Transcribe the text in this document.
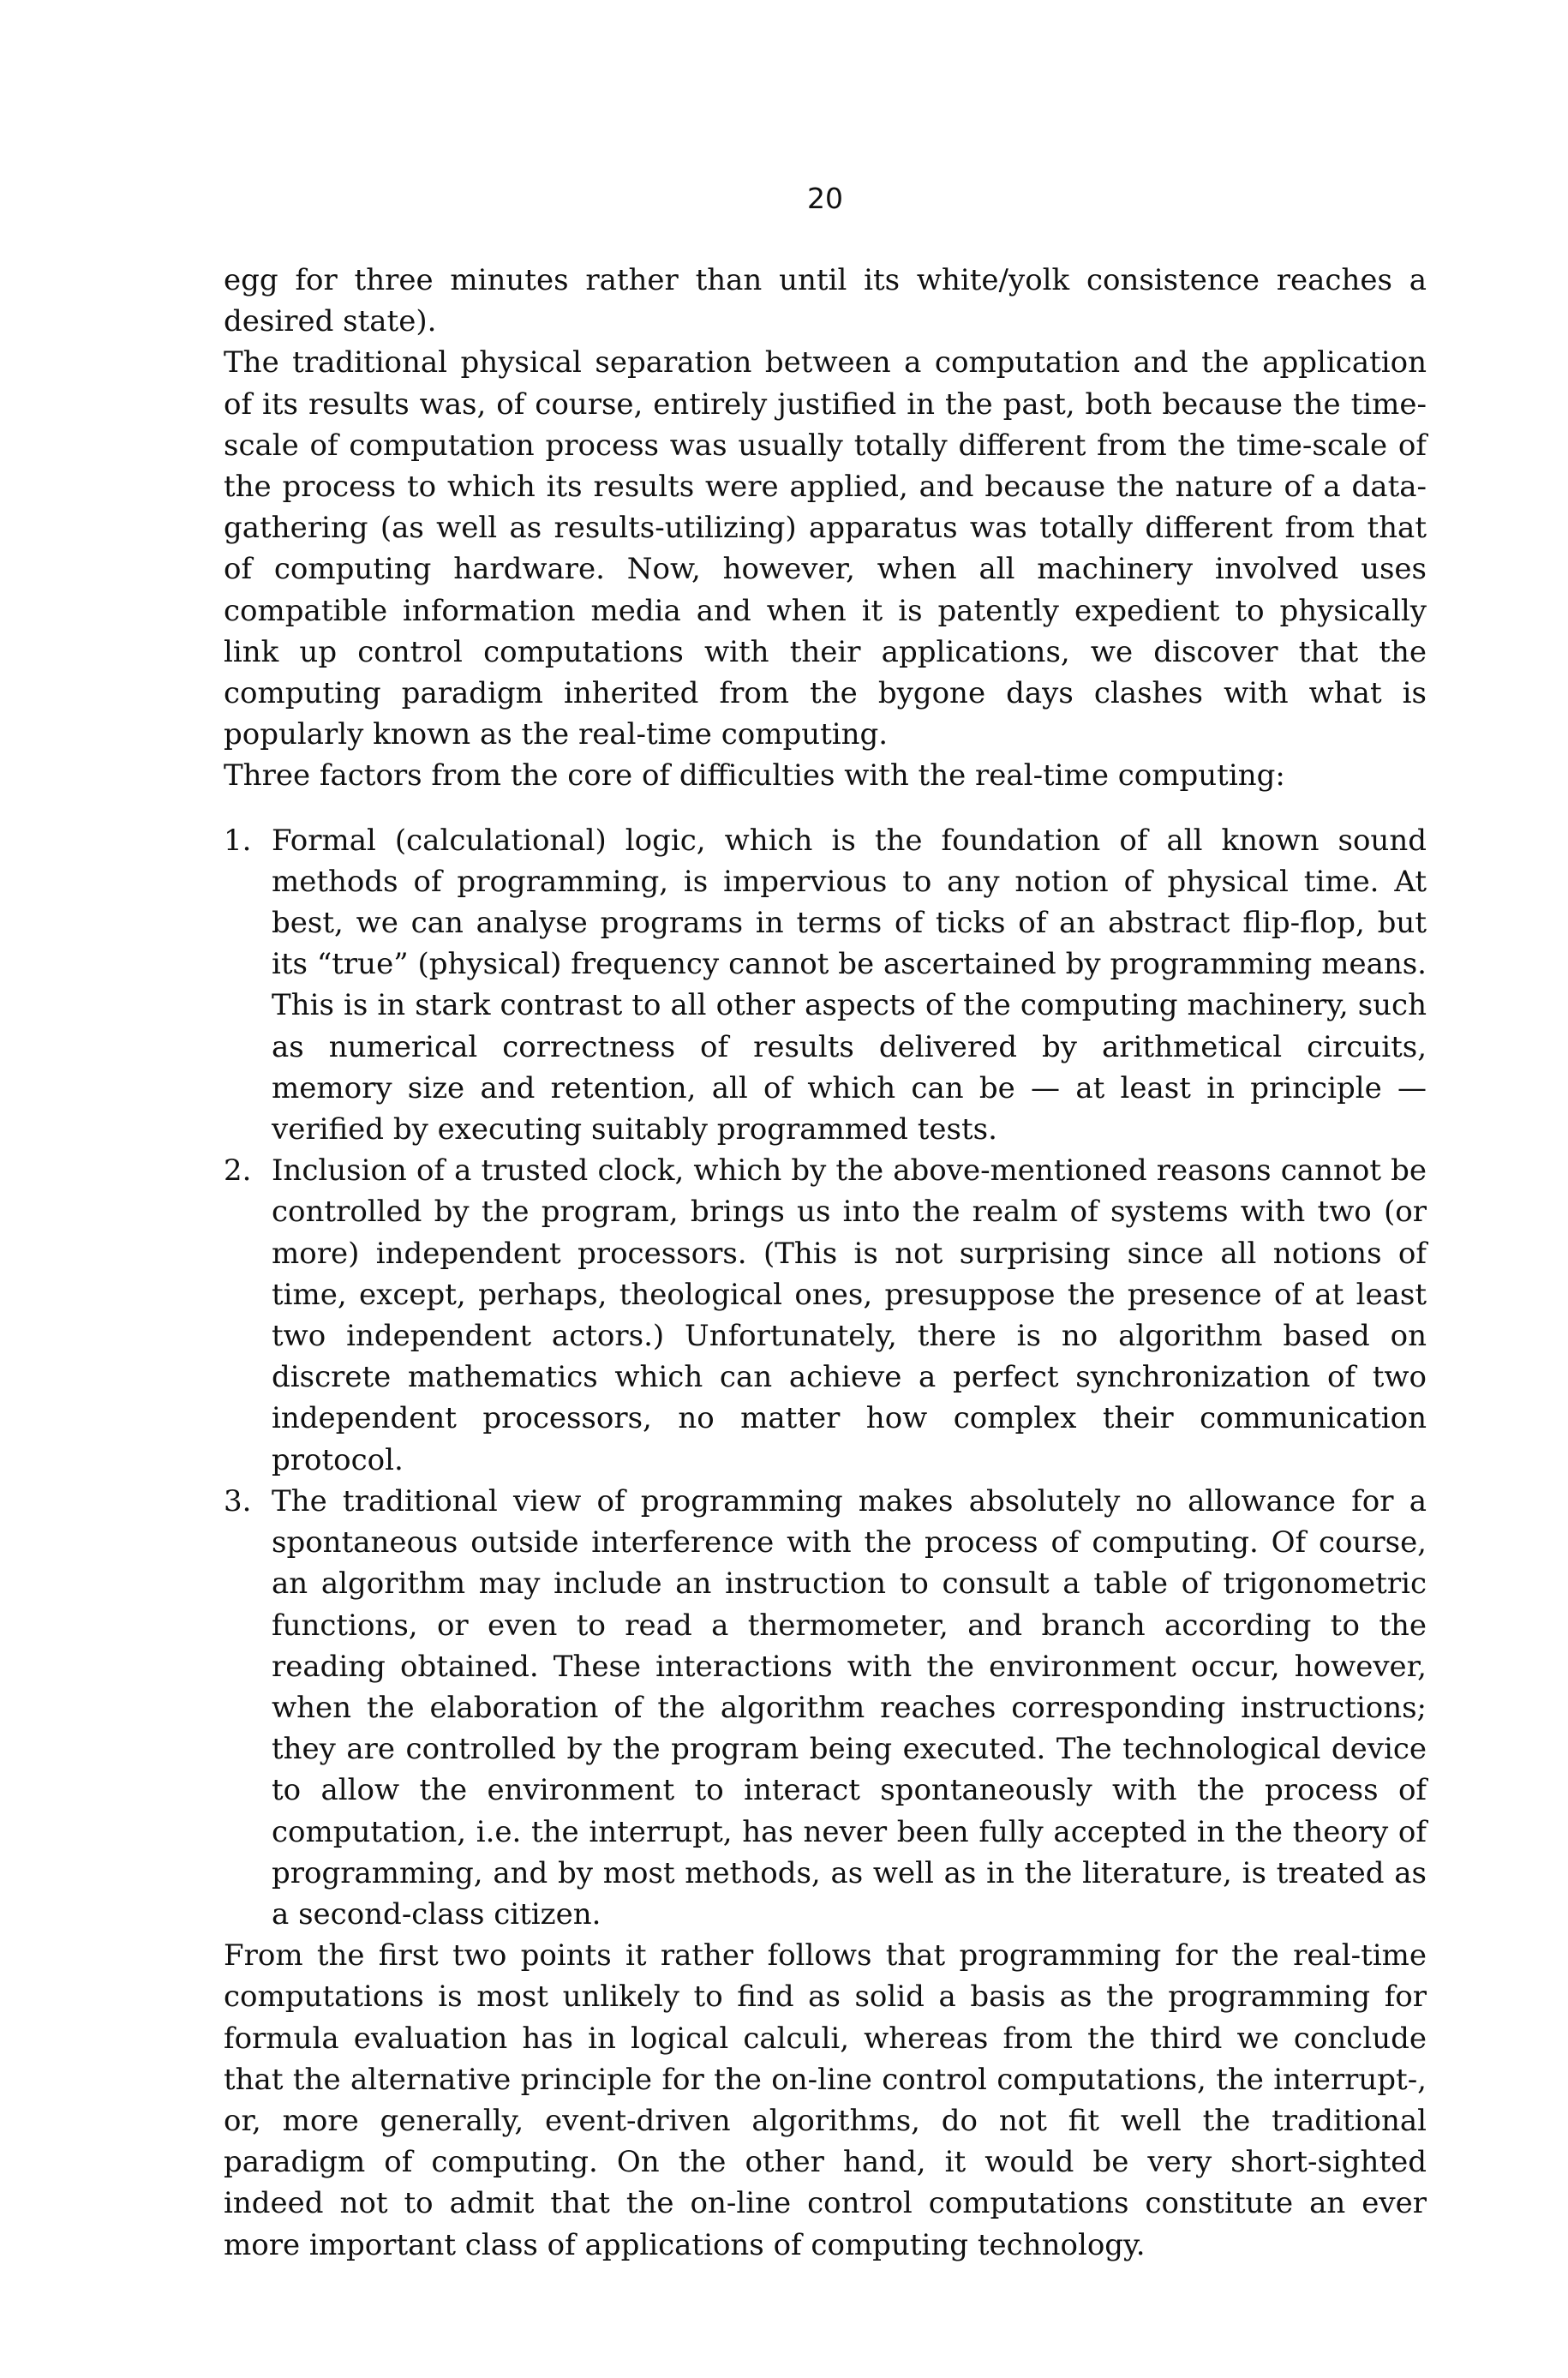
20

egg for three minutes rather than until its white/yolk consistence reaches a desired state).

The traditional physical separation between a computation and the application of its results was, of course, entirely justified in the past, both because the time-scale of computation process was usually totally different from the time-scale of the process to which its results were applied, and because the nature of a data-gathering (as well as results-utilizing) apparatus was totally different from that of computing hardware. Now, however, when all machinery involved uses compatible information media and when it is patently expedient to physically link up control computations with their applications, we discover that the computing paradigm inherited from the bygone days clashes with what is popularly known as the real-time computing.

Three factors from the core of difficulties with the real-time computing:

1. Formal (calculational) logic, which is the foundation of all known sound methods of programming, is impervious to any notion of physical time. At best, we can analyse programs in terms of ticks of an abstract flip-flop, but its “true” (physical) frequency cannot be ascertained by programming means. This is in stark contrast to all other aspects of the computing machinery, such as numerical correctness of results delivered by arithmetical circuits, memory size and retention, all of which can be — at least in principle — verified by executing suitably programmed tests.
2. Inclusion of a trusted clock, which by the above-mentioned reasons cannot be controlled by the program, brings us into the realm of systems with two (or more) independent processors. (This is not surprising since all notions of time, except, perhaps, theological ones, presuppose the presence of at least two independent actors.) Unfortunately, there is no algorithm based on discrete mathematics which can achieve a perfect synchronization of two independent processors, no matter how complex their communication protocol.
3. The traditional view of programming makes absolutely no allowance for a spontaneous outside interference with the process of computing. Of course, an algorithm may include an instruction to consult a table of trigonometric functions, or even to read a thermometer, and branch according to the reading obtained. These interactions with the environment occur, however, when the elaboration of the algorithm reaches corresponding instructions; they are controlled by the program being executed. The technological device to allow the environment to interact spontaneously with the process of computation, i.e. the interrupt, has never been fully accepted in the theory of programming, and by most methods, as well as in the literature, is treated as a second-class citizen.

From the first two points it rather follows that programming for the real-time computations is most unlikely to find as solid a basis as the programming for formula evaluation has in logical calculi, whereas from the third we conclude that the alternative principle for the on-line control computations, the interrupt-, or, more generally, event-driven algorithms, do not fit well the traditional paradigm of computing. On the other hand, it would be very short-sighted indeed not to admit that the on-line control computations constitute an ever more important class of applications of computing technology.
